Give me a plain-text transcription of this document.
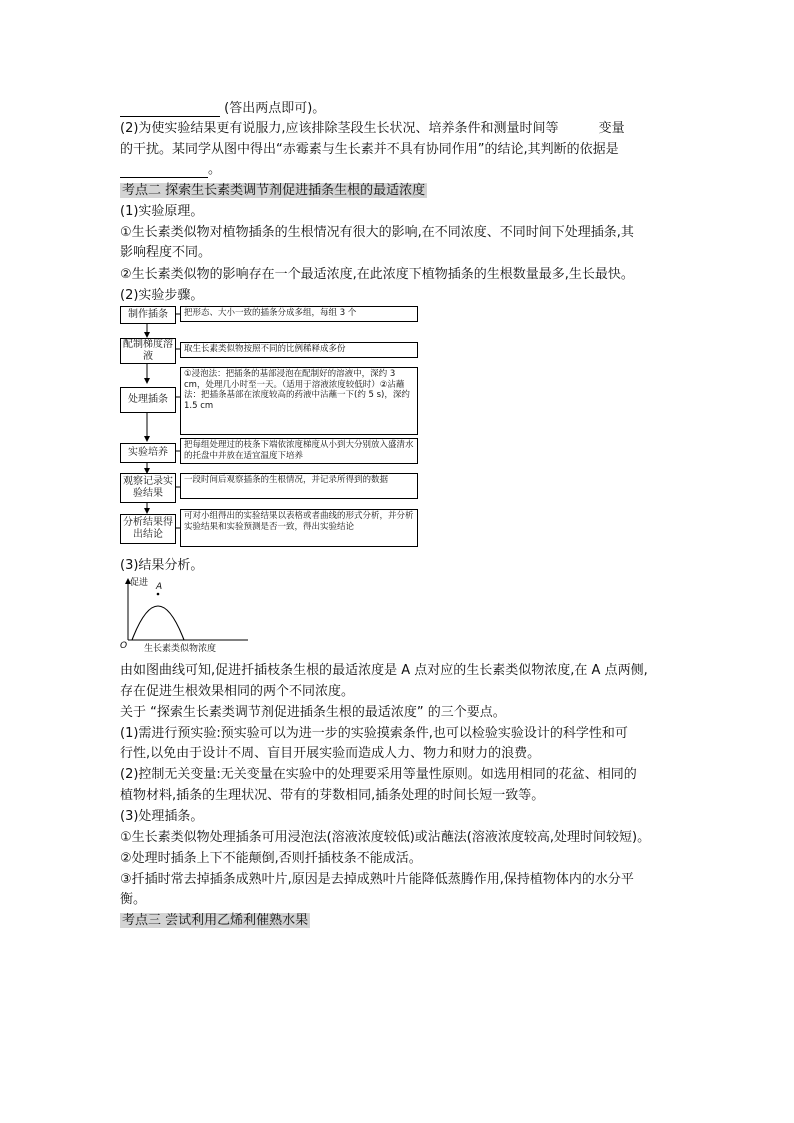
(答出两点即可)。
(2)为使实验结果更有说服力,应该排除茎段生长状况、培养条件和测量时间等	变量
的干扰。某同学从图中得出“赤霉素与生长素并不具有协同作用”的结论,其判断的依据是
。
考点二 探索生长素类调节剂促进插条生根的最适浓度
(1)实验原理。
①生长素类似物对植物插条的生根情况有很大的影响,在不同浓度、不同时间下处理插条,其
影响程度不同。
②生长素类似物的影响存在一个最适浓度,在此浓度下植物插条的生根数量最多,生长最快。
(2)实验步骤。
制作插条	把形态、大小一致的插条分成多组，每组 3 个
配制梯度溶液
取生长素类似物按照不同的比例稀释成多份
处理插条
①浸泡法：把插条的基部浸泡在配制好的溶液中，深约 3 cm，处理几小时至一天。（适用于溶液浓度较低时）②沾蘸法：把插条基部在浓度较高的药液中沾蘸一下(约 5 s)，深约 1.5 cm
实验培养
把每组处理过的枝条下端依浓度梯度从小到大分别放入盛清水的托盘中并放在适宜温度下培养
观察记录实验结果
一段时间后观察插条的生根情况，并记录所得到的数据
分析结果得出结论
可对小组得出的实验结果以表格或者曲线的形式分析，并分析实验结果和实验预测是否一致，得出实验结论
(3)结果分析。
促进 A
O 生长素类似物浓度
由如图曲线可知,促进扦插枝条生根的最适浓度是 A 点对应的生长素类似物浓度,在 A 点两侧,
存在促进生根效果相同的两个不同浓度。
关于 “探索生长素类调节剂促进插条生根的最适浓度” 的三个要点。
(1)需进行预实验:预实验可以为进一步的实验摸索条件,也可以检验实验设计的科学性和可
行性,以免由于设计不周、盲目开展实验而造成人力、物力和财力的浪费。
(2)控制无关变量:无关变量在实验中的处理要采用等量性原则。如选用相同的花盆、相同的
植物材料,插条的生理状况、带有的芽数相同,插条处理的时间长短一致等。
(3)处理插条。
①生长素类似物处理插条可用浸泡法(溶液浓度较低)或沾蘸法(溶液浓度较高,处理时间较短)。
②处理时插条上下不能颠倒,否则扦插枝条不能成活。
③扦插时常去掉插条成熟叶片,原因是去掉成熟叶片能降低蒸腾作用,保持植物体内的水分平
衡。
考点三 尝试利用乙烯利催熟水果
